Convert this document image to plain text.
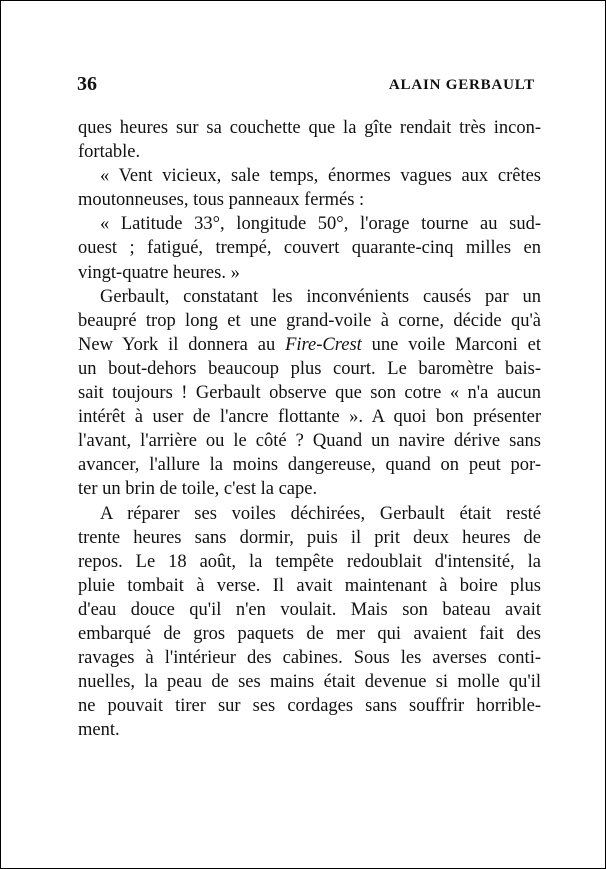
36	ALAIN GERBAULT

ques heures sur sa couchette que la gîte rendait très incon-
fortable.

« Vent vicieux, sale temps, énormes vagues aux crêtes
moutonneuses, tous panneaux fermés :

« Latitude 33°, longitude 50°, l'orage tourne au sud-
ouest ; fatigué, trempé, couvert quarante-cinq milles en
vingt-quatre heures. »

Gerbault, constatant les inconvénients causés par un
beaupré trop long et une grand-voile à corne, décide qu'à
New York il donnera au Fire-Crest une voile Marconi et
un bout-dehors beaucoup plus court. Le baromètre bais-
sait toujours ! Gerbault observe que son cotre « n'a aucun
intérêt à user de l'ancre flottante ». A quoi bon présenter
l'avant, l'arrière ou le côté ? Quand un navire dérive sans
avancer, l'allure la moins dangereuse, quand on peut por-
ter un brin de toile, c'est la cape.

A réparer ses voiles déchirées, Gerbault était resté
trente heures sans dormir, puis il prit deux heures de
repos. Le 18 août, la tempête redoublait d'intensité, la
pluie tombait à verse. Il avait maintenant à boire plus
d'eau douce qu'il n'en voulait. Mais son bateau avait
embarqué de gros paquets de mer qui avaient fait des
ravages à l'intérieur des cabines. Sous les averses conti-
nuelles, la peau de ses mains était devenue si molle qu'il
ne pouvait tirer sur ses cordages sans souffrir horrible-
ment.
